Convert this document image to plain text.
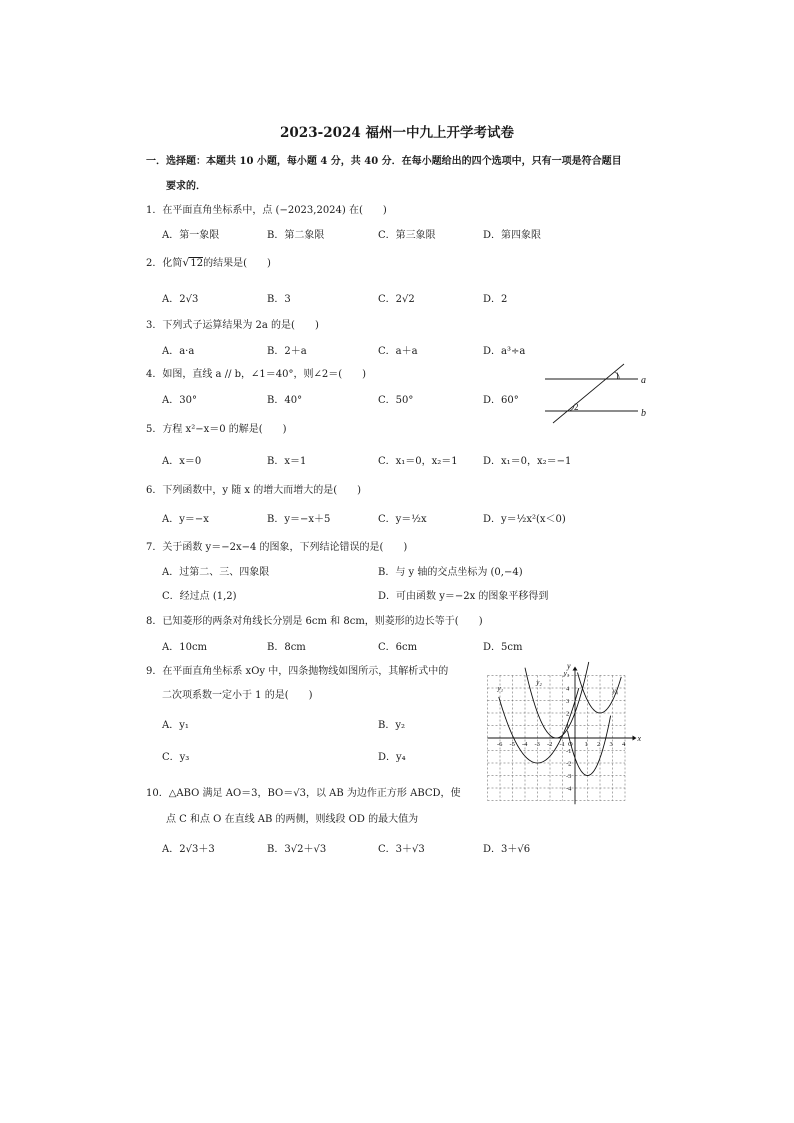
2023-2024 福州一中九上开学考试卷
一．选择题：本题共 10 小题，每小题 4 分，共 40 分．在每小题给出的四个选项中，只有一项是符合题目
要求的．
1．在平面直角坐标系中，点 (−2023,2024) 在(　　)
A．第一象限	B．第二象限	C．第三象限	D．第四象限
2．化简√12的结果是(　　)
A．2√3	B．3	C．2√2	D．2
3．下列式子运算结果为 2a 的是(　　)
A．a·a	B．2＋a	C．a＋a	D．a³÷a
4．如图，直线 a // b，∠1＝40°，则∠2＝(　　)
A．30°	B．40°	C．50°	D．60°
1 a
2
b
5．方程 x²−x＝0 的解是(　　)
A．x＝0	B．x＝1	C．x₁＝0，x₂＝1	D．x₁＝0，x₂＝−1
6．下列函数中，y 随 x 的增大而增大的是(　　)
A．y＝−x	B．y＝−x＋5	C．y＝½x	D．y＝½x²(x＜0)
7．关于函数 y＝−2x−4 的图象，下列结论错误的是(　　)
A．过第二、三、四象限	B．与 y 轴的交点坐标为 (0,−4)
C．经过点 (1,2)	D．可由函数 y＝−2x 的图象平移得到
8．已知菱形的两条对角线长分别是 6cm 和 8cm，则菱形的边长等于(　　)
A．10cm	B．8cm	C．6cm	D．5cm
9．在平面直角坐标系 xOy 中，四条抛物线如图所示，其解析式中的
二次项系数一定小于 1 的是(　　)
A．y₁	B．y₂
C．y₃	D．y₄
x
y
-6 -5 -4 -3 -2 -1 O 1 2 3 4
4
3
2
1
-1
-2
-3
-4
y₁
y₂
y₃
y₄
10．△ABO 满足 AO＝3，BO＝√3，以 AB 为边作正方形 ABCD，使
点 C 和点 O 在直线 AB 的两侧，则线段 OD 的最大值为
A．2√3＋3	B．3√2＋√3	C．3＋√3	D．3＋√6
